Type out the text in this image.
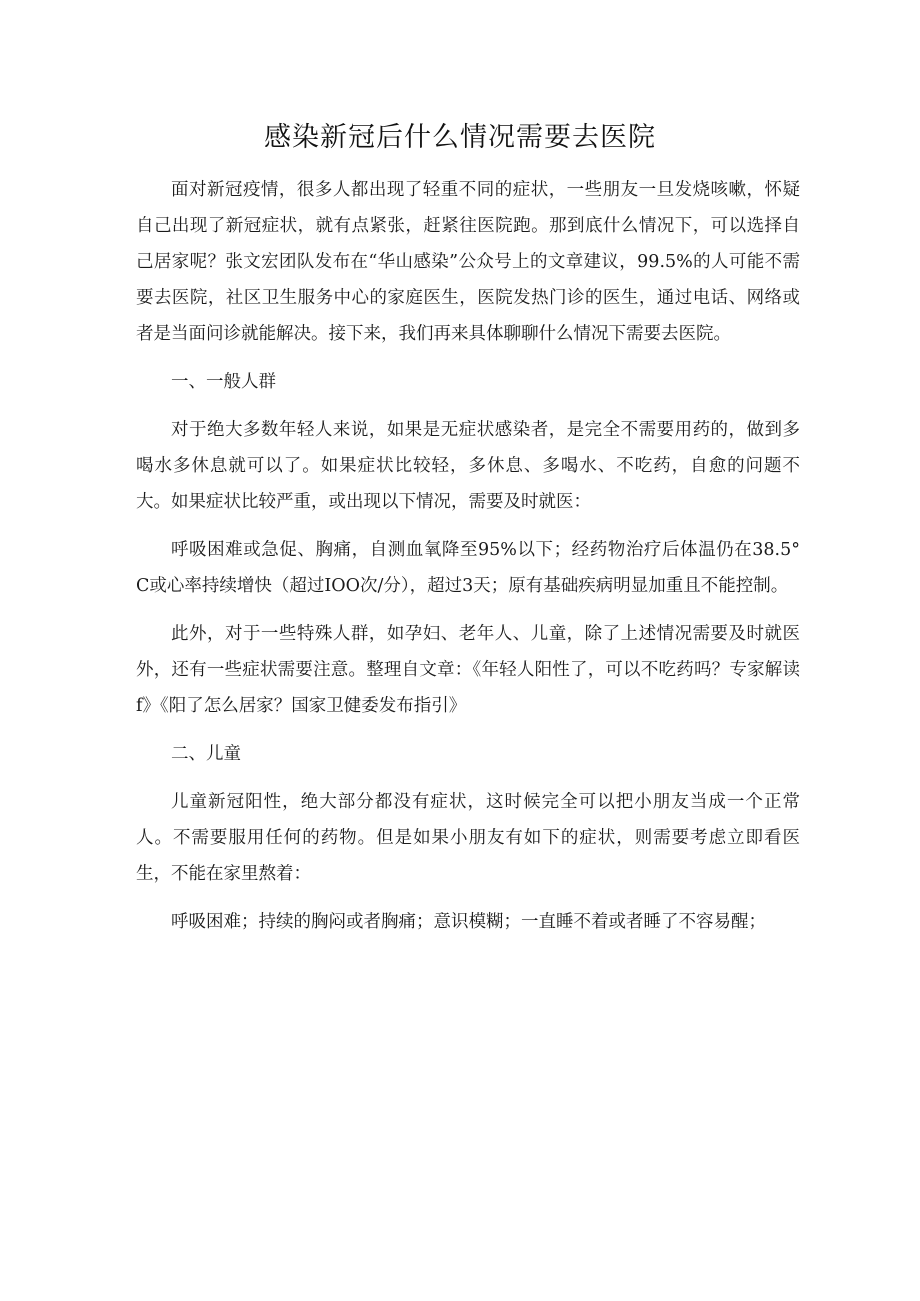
感染新冠后什么情况需要去医院

面对新冠疫情，很多人都出现了轻重不同的症状，一些朋友一旦发烧咳嗽，怀疑自己出现了新冠症状，就有点紧张，赶紧往医院跑。那到底什么情况下，可以选择自己居家呢？张文宏团队发布在“华山感染”公众号上的文章建议，99.5%的人可能不需要去医院，社区卫生服务中心的家庭医生，医院发热门诊的医生，通过电话、网络或者是当面问诊就能解决。接下来，我们再来具体聊聊什么情况下需要去医院。

一、一般人群

对于绝大多数年轻人来说，如果是无症状感染者，是完全不需要用药的，做到多喝水多休息就可以了。如果症状比较轻，多休息、多喝水、不吃药，自愈的问题不大。如果症状比较严重，或出现以下情况，需要及时就医：

呼吸困难或急促、胸痛，自测血氧降至95%以下；经药物治疗后体温仍在38.5° C或心率持续增快（超过IOO次/分），超过3天；原有基础疾病明显加重且不能控制。

此外，对于一些特殊人群，如孕妇、老年人、儿童，除了上述情况需要及时就医外，还有一些症状需要注意。整理自文章：《年轻人阳性了，可以不吃药吗？专家解读f》《阳了怎么居家？国家卫健委发布指引》

二、儿童

儿童新冠阳性，绝大部分都没有症状，这时候完全可以把小朋友当成一个正常人。不需要服用任何的药物。但是如果小朋友有如下的症状，则需要考虑立即看医生，不能在家里熬着：

呼吸困难；持续的胸闷或者胸痛；意识模糊；一直睡不着或者睡了不容易醒；
